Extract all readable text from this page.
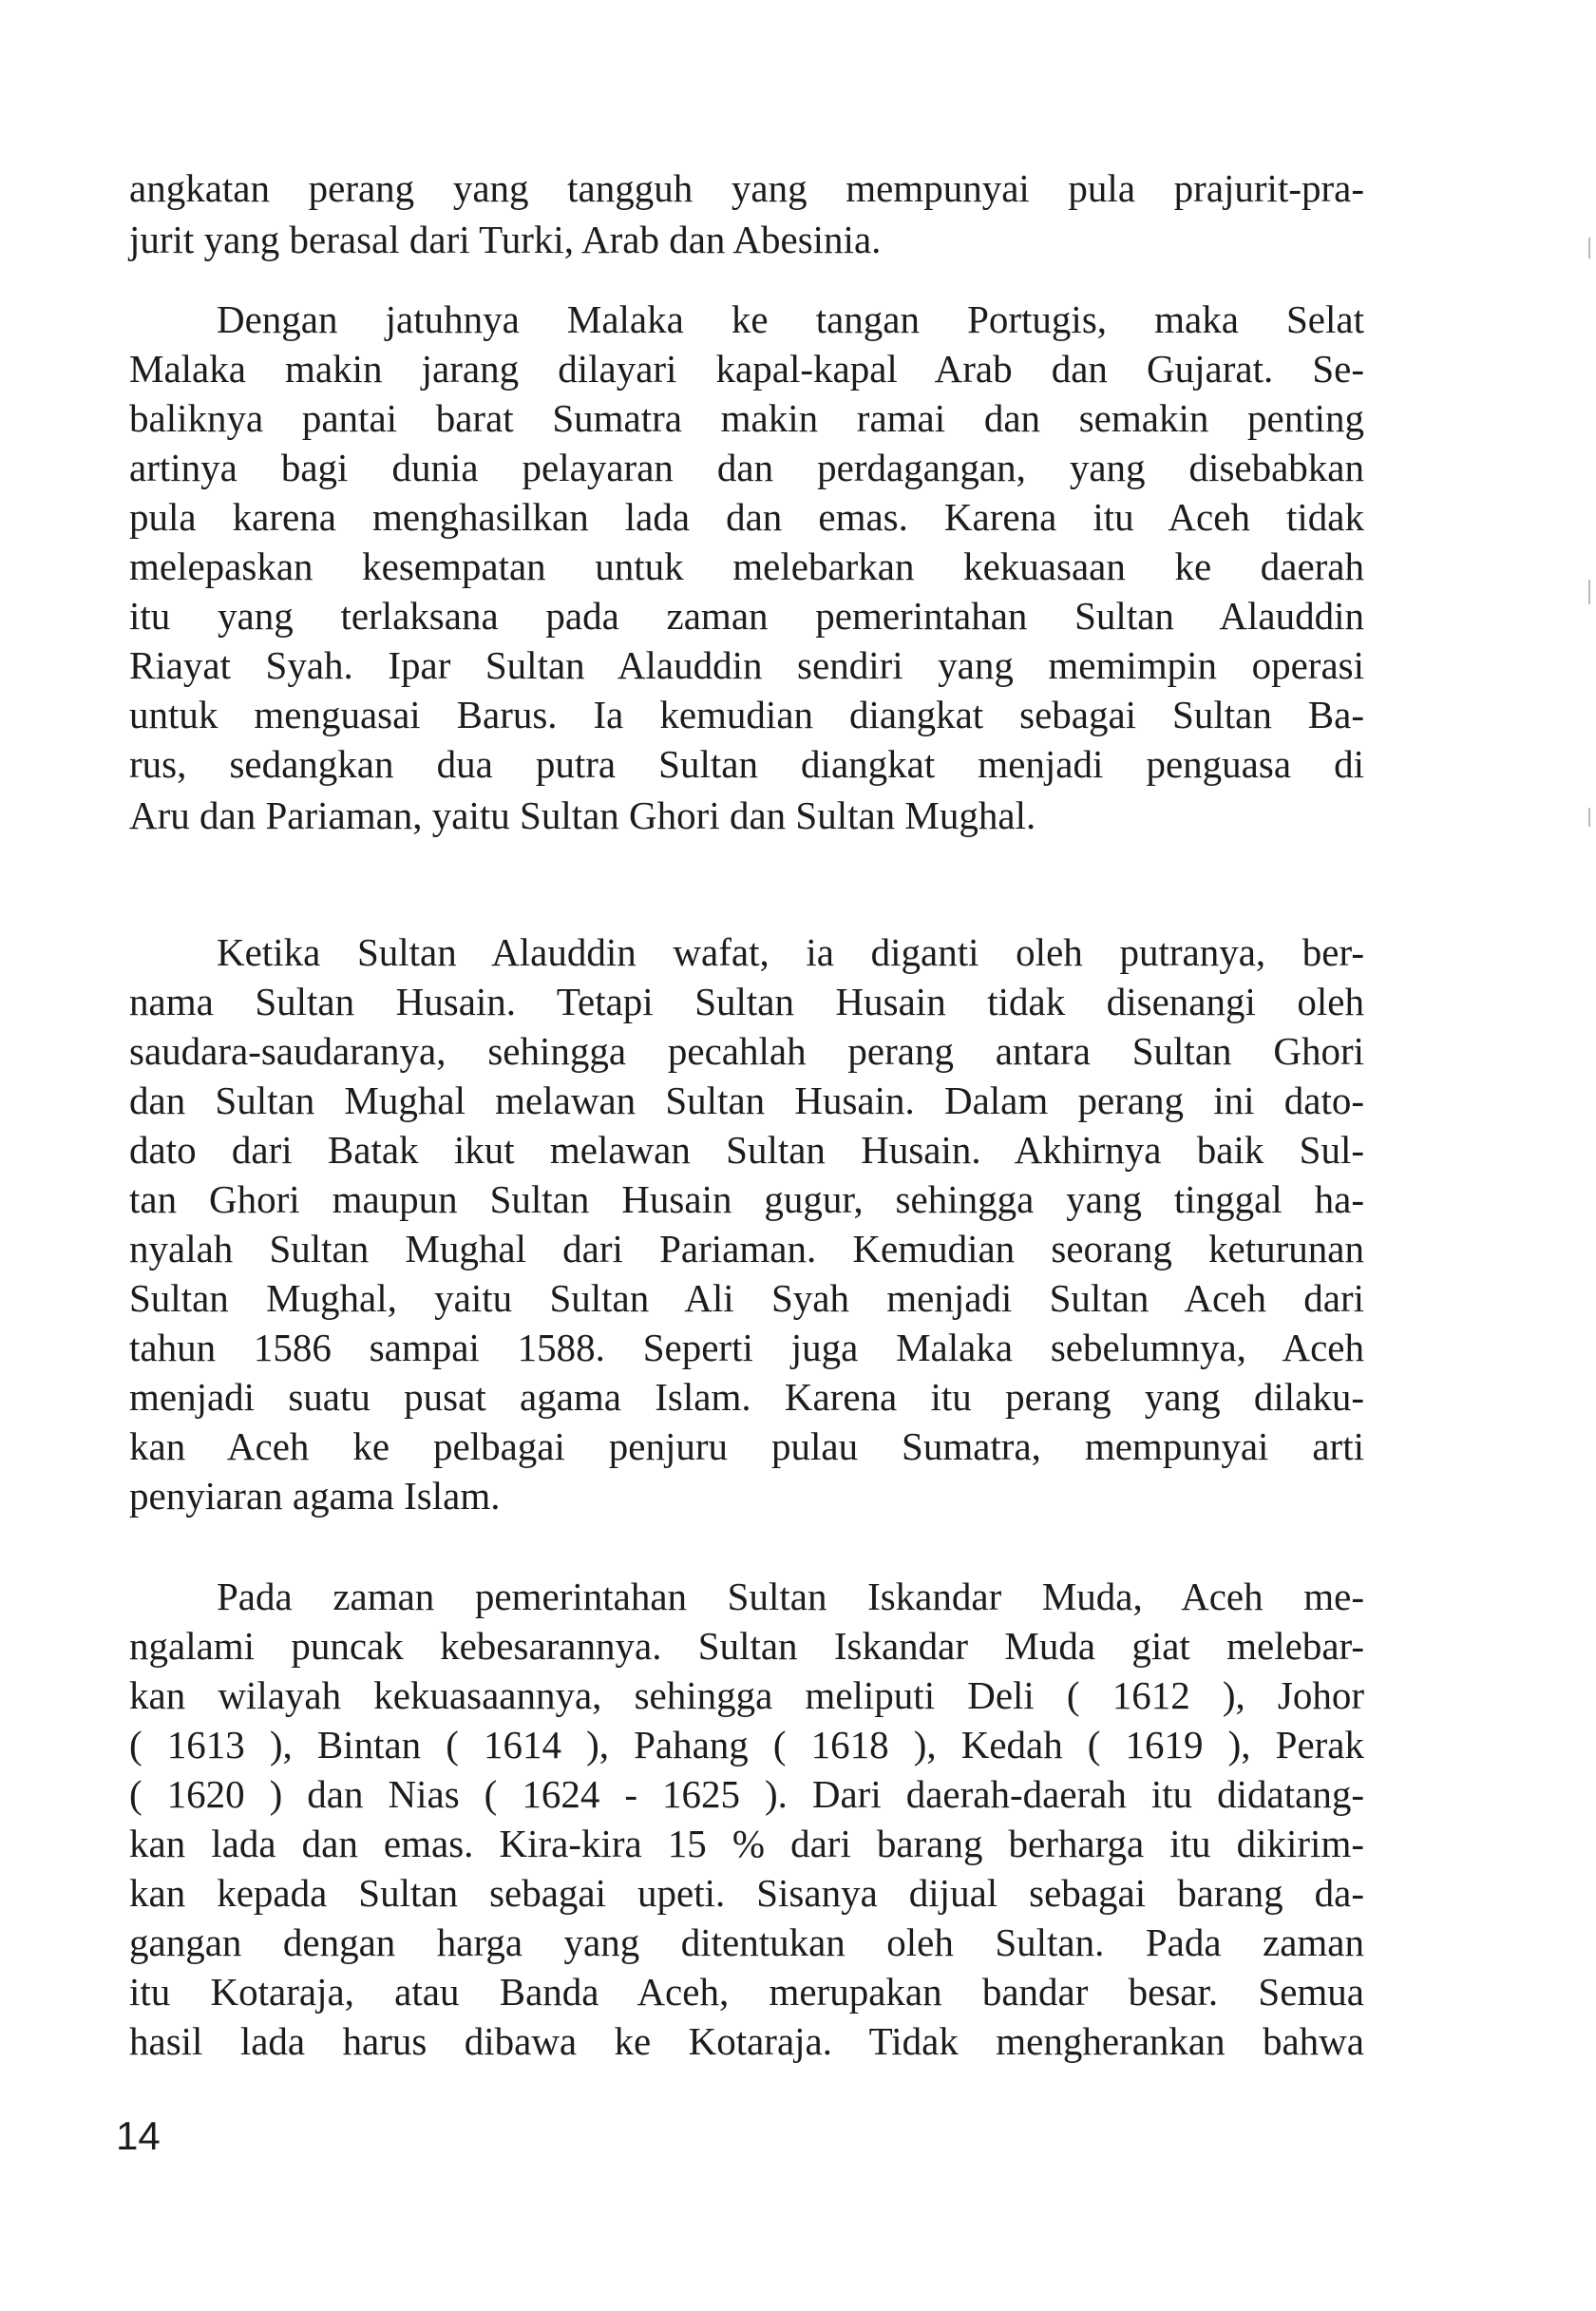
angkatan perang yang tangguh yang mempunyai pula prajurit-pra-
jurit yang berasal dari Turki, Arab dan Abesinia.
Dengan jatuhnya Malaka ke tangan Portugis, maka Selat
Malaka makin jarang dilayari kapal-kapal Arab dan Gujarat. Se-
baliknya pantai barat Sumatra makin ramai dan semakin penting
artinya bagi dunia pelayaran dan perdagangan, yang disebabkan
pula karena menghasilkan lada dan emas. Karena itu Aceh tidak
melepaskan kesempatan untuk melebarkan kekuasaan ke daerah
itu yang terlaksana pada zaman pemerintahan Sultan Alauddin
Riayat Syah. Ipar Sultan Alauddin sendiri yang memimpin operasi
untuk menguasai Barus. Ia kemudian diangkat sebagai Sultan Ba-
rus, sedangkan dua putra Sultan diangkat menjadi penguasa di
Aru dan Pariaman, yaitu Sultan Ghori dan Sultan Mughal.
Ketika Sultan Alauddin wafat, ia diganti oleh putranya, ber-
nama Sultan Husain. Tetapi Sultan Husain tidak disenangi oleh
saudara-saudaranya, sehingga pecahlah perang antara Sultan Ghori
dan Sultan Mughal melawan Sultan Husain. Dalam perang ini dato-
dato dari Batak ikut melawan Sultan Husain. Akhirnya baik Sul-
tan Ghori maupun Sultan Husain gugur, sehingga yang tinggal ha-
nyalah Sultan Mughal dari Pariaman. Kemudian seorang keturunan
Sultan Mughal, yaitu Sultan Ali Syah menjadi Sultan Aceh dari
tahun 1586 sampai 1588. Seperti juga Malaka sebelumnya, Aceh
menjadi suatu pusat agama Islam. Karena itu perang yang dilaku-
kan Aceh ke pelbagai penjuru pulau Sumatra, mempunyai arti
penyiaran agama Islam.
Pada zaman pemerintahan Sultan Iskandar Muda, Aceh me-
ngalami puncak kebesarannya. Sultan Iskandar Muda giat melebar-
kan wilayah kekuasaannya, sehingga meliputi Deli ( 1612 ), Johor
( 1613 ), Bintan ( 1614 ), Pahang ( 1618 ), Kedah ( 1619 ), Perak
( 1620 ) dan Nias ( 1624 - 1625 ). Dari daerah-daerah itu didatang-
kan lada dan emas. Kira-kira 15 % dari barang berharga itu dikirim-
kan kepada Sultan sebagai upeti. Sisanya dijual sebagai barang da-
gangan dengan harga yang ditentukan oleh Sultan. Pada zaman
itu Kotaraja, atau Banda Aceh, merupakan bandar besar. Semua
hasil lada harus dibawa ke Kotaraja. Tidak mengherankan bahwa
14
